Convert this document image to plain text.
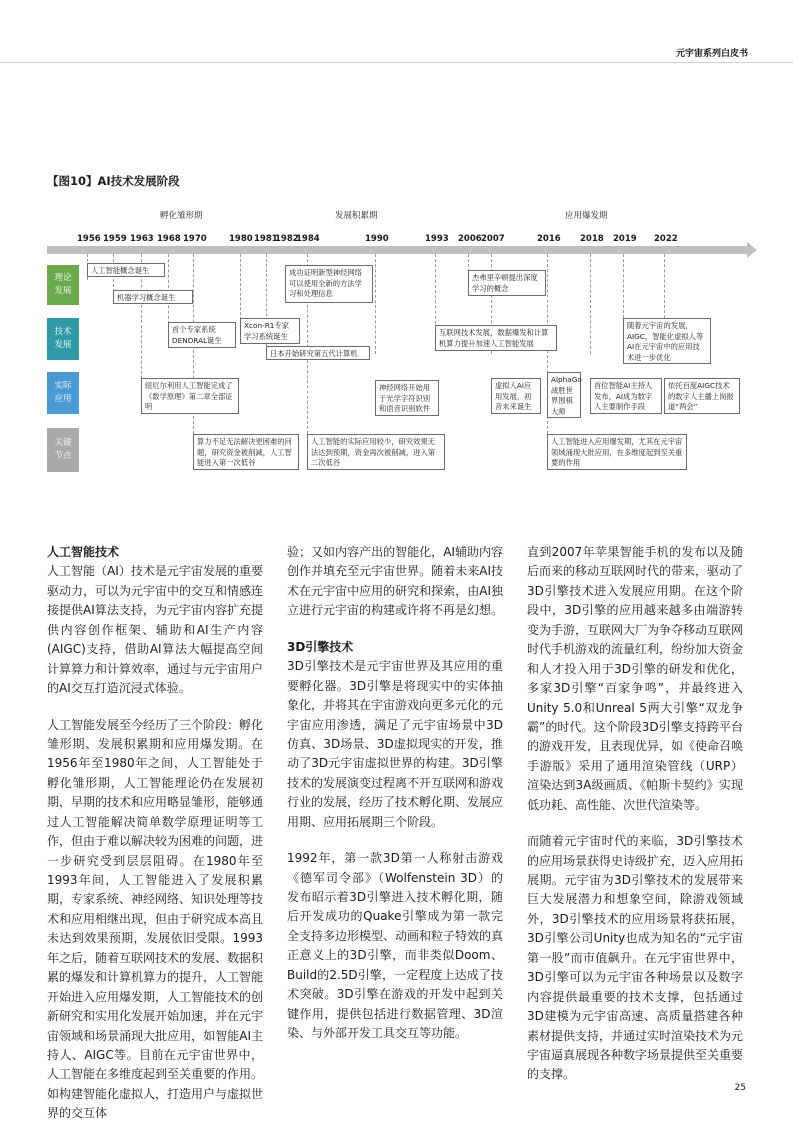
元宇宙系列白皮书
【图10】AI技术发展阶段
孵化雏形期	发展积累期	应用爆发期
1956 1959 1963 1968 1970	1980 1981
1982
1984	1990	1993 2006 2007	2016 2018 2019 2022
理论
发展
技术
发展
实际
应用
关键
节点
人工智能概念诞生
机器学习概念诞生
首个专家系统DENDRAL诞生
Xcon-R1专家学习系统诞生
日本开始研究第五代计算机
成功证明新型神经网络可以使用全新的方法学习和处理信息
杰弗里辛顿提出深度学习的概念
互联网技术发展，数据爆发和计算机算力提升加速人工智能发展
随着元宇宙的发展，AIGC，智能化虚拟人等AI在元宇宙中的应用技术进一步优化
纽厄尔利用人工智能完成了《数学原理》第二章全部证明
神经网络开始用于光学字符识别和语音识别软件
虚拟人AI应用发展，初音未来诞生
AlphaGo战胜世界围棋大师
首位智能AI主持人发布，AI成为数字人主要制作手段
依托百度AIGC技术的数字人主播上岗报道“两会”
算力不足无法解决更困难的问题，研究资金被削减，人工智能进入第一次低谷
人工智能的实际应用较少，研究效果无法达到预期，资金再次被削减，进入第二次低谷
人工智能进入应用爆发期，尤其在元宇宙领域涌现大批应用，在多维度起到至关重要的作用
人工智能技术

人工智能（AI）技术是元宇宙发展的重要驱动力，可以为元宇宙中的交互和情感连接提供AI算法支持，为元宇宙内容扩充提供内容创作框架、辅助和AI生产内容(AIGC)支持，借助AI算法大幅提高空间计算算力和计算效率，通过与元宇宙用户的AI交互打造沉浸式体验。

人工智能发展至今经历了三个阶段：孵化雏形期、发展积累期和应用爆发期。在1956年至1980年之间，人工智能处于孵化雏形期，人工智能理论仍在发展初期，早期的技术和应用略显雏形，能够通过人工智能解决简单数学原理证明等工作，但由于难以解决较为困难的问题，进一步研究受到层层阻碍。在1980年至1993年间，人工智能进入了发展积累期，专家系统、神经网络、知识处理等技术和应用相继出现，但由于研究成本高且未达到效果预期，发展依旧受限。1993年之后，随着互联网技术的发展、数据积累的爆发和计算机算力的提升，人工智能开始进入应用爆发期，人工智能技术的创新研究和实用化发展开始加速，并在元宇宙领域和场景涌现大批应用，如智能AI主持人、AIGC等。目前在元宇宙世界中，人工智能在多维度起到至关重要的作用。如构建智能化虚拟人，打造用户与虚拟世界的交互体

验；又如内容产出的智能化，AI辅助内容创作并填充至元宇宙世界。随着未来AI技术在元宇宙中应用的研究和探索，由AI独立进行元宇宙的构建或许将不再是幻想。

3D引擎技术

3D引擎技术是元宇宙世界及其应用的重要孵化器。3D引擎是将现实中的实体抽象化，并将其在宇宙游戏向更多元化的元宇宙应用渗透，满足了元宇宙场景中3D仿真、3D场景、3D虚拟现实的开发，推动了3D元宇宙虚拟世界的构建。3D引擎技术的发展演变过程离不开互联网和游戏行业的发展，经历了技术孵化期、发展应用期、应用拓展期三个阶段。

1992年，第一款3D第一人称射击游戏《德军司令部》（Wolfenstein 3D）的发布昭示着3D引擎进入技术孵化期，随后开发成功的Quake引擎成为第一款完全支持多边形模型、动画和粒子特效的真正意义上的3D引擎，而非类似Doom、Build的2.5D引擎，一定程度上达成了技术突破。3D引擎在游戏的开发中起到关键作用，提供包括进行数据管理、3D渲染、与外部开发工具交互等功能。

直到2007年苹果智能手机的发布以及随后而来的移动互联网时代的带来，驱动了3D引擎技术进入发展应用期。在这个阶段中，3D引擎的应用越来越多由端游转变为手游，互联网大厂为争夺移动互联网时代手机游戏的流量红利，纷纷加大资金和人才投入用于3D引擎的研发和优化，多家3D引擎“百家争鸣”，并最终进入Unity 5.0和Unreal 5两大引擎“双龙争霸”的时代。这个阶段3D引擎支持跨平台的游戏开发，且表现优异，如《使命召唤手游版》采用了通用渲染管线（URP）渲染达到3A级画质、《帕斯卡契约》实现低功耗、高性能、次世代渲染等。

而随着元宇宙时代的来临，3D引擎技术的应用场景获得史诗级扩充，迈入应用拓展期。元宇宙为3D引擎技术的发展带来巨大发展潜力和想象空间，除游戏领域外，3D引擎技术的应用场景将获拓展，3D引擎公司Unity也成为知名的“元宇宙第一股”而市值飙升。在元宇宙世界中，3D引擎可以为元宇宙各种场景以及数字内容提供最重要的技术支撑，包括通过3D建模为元宇宙高速、高质量搭建各种素材提供支持，并通过实时渲染技术为元宇宙逼真展现各种数字场景提供至关重要的支撑。

25
